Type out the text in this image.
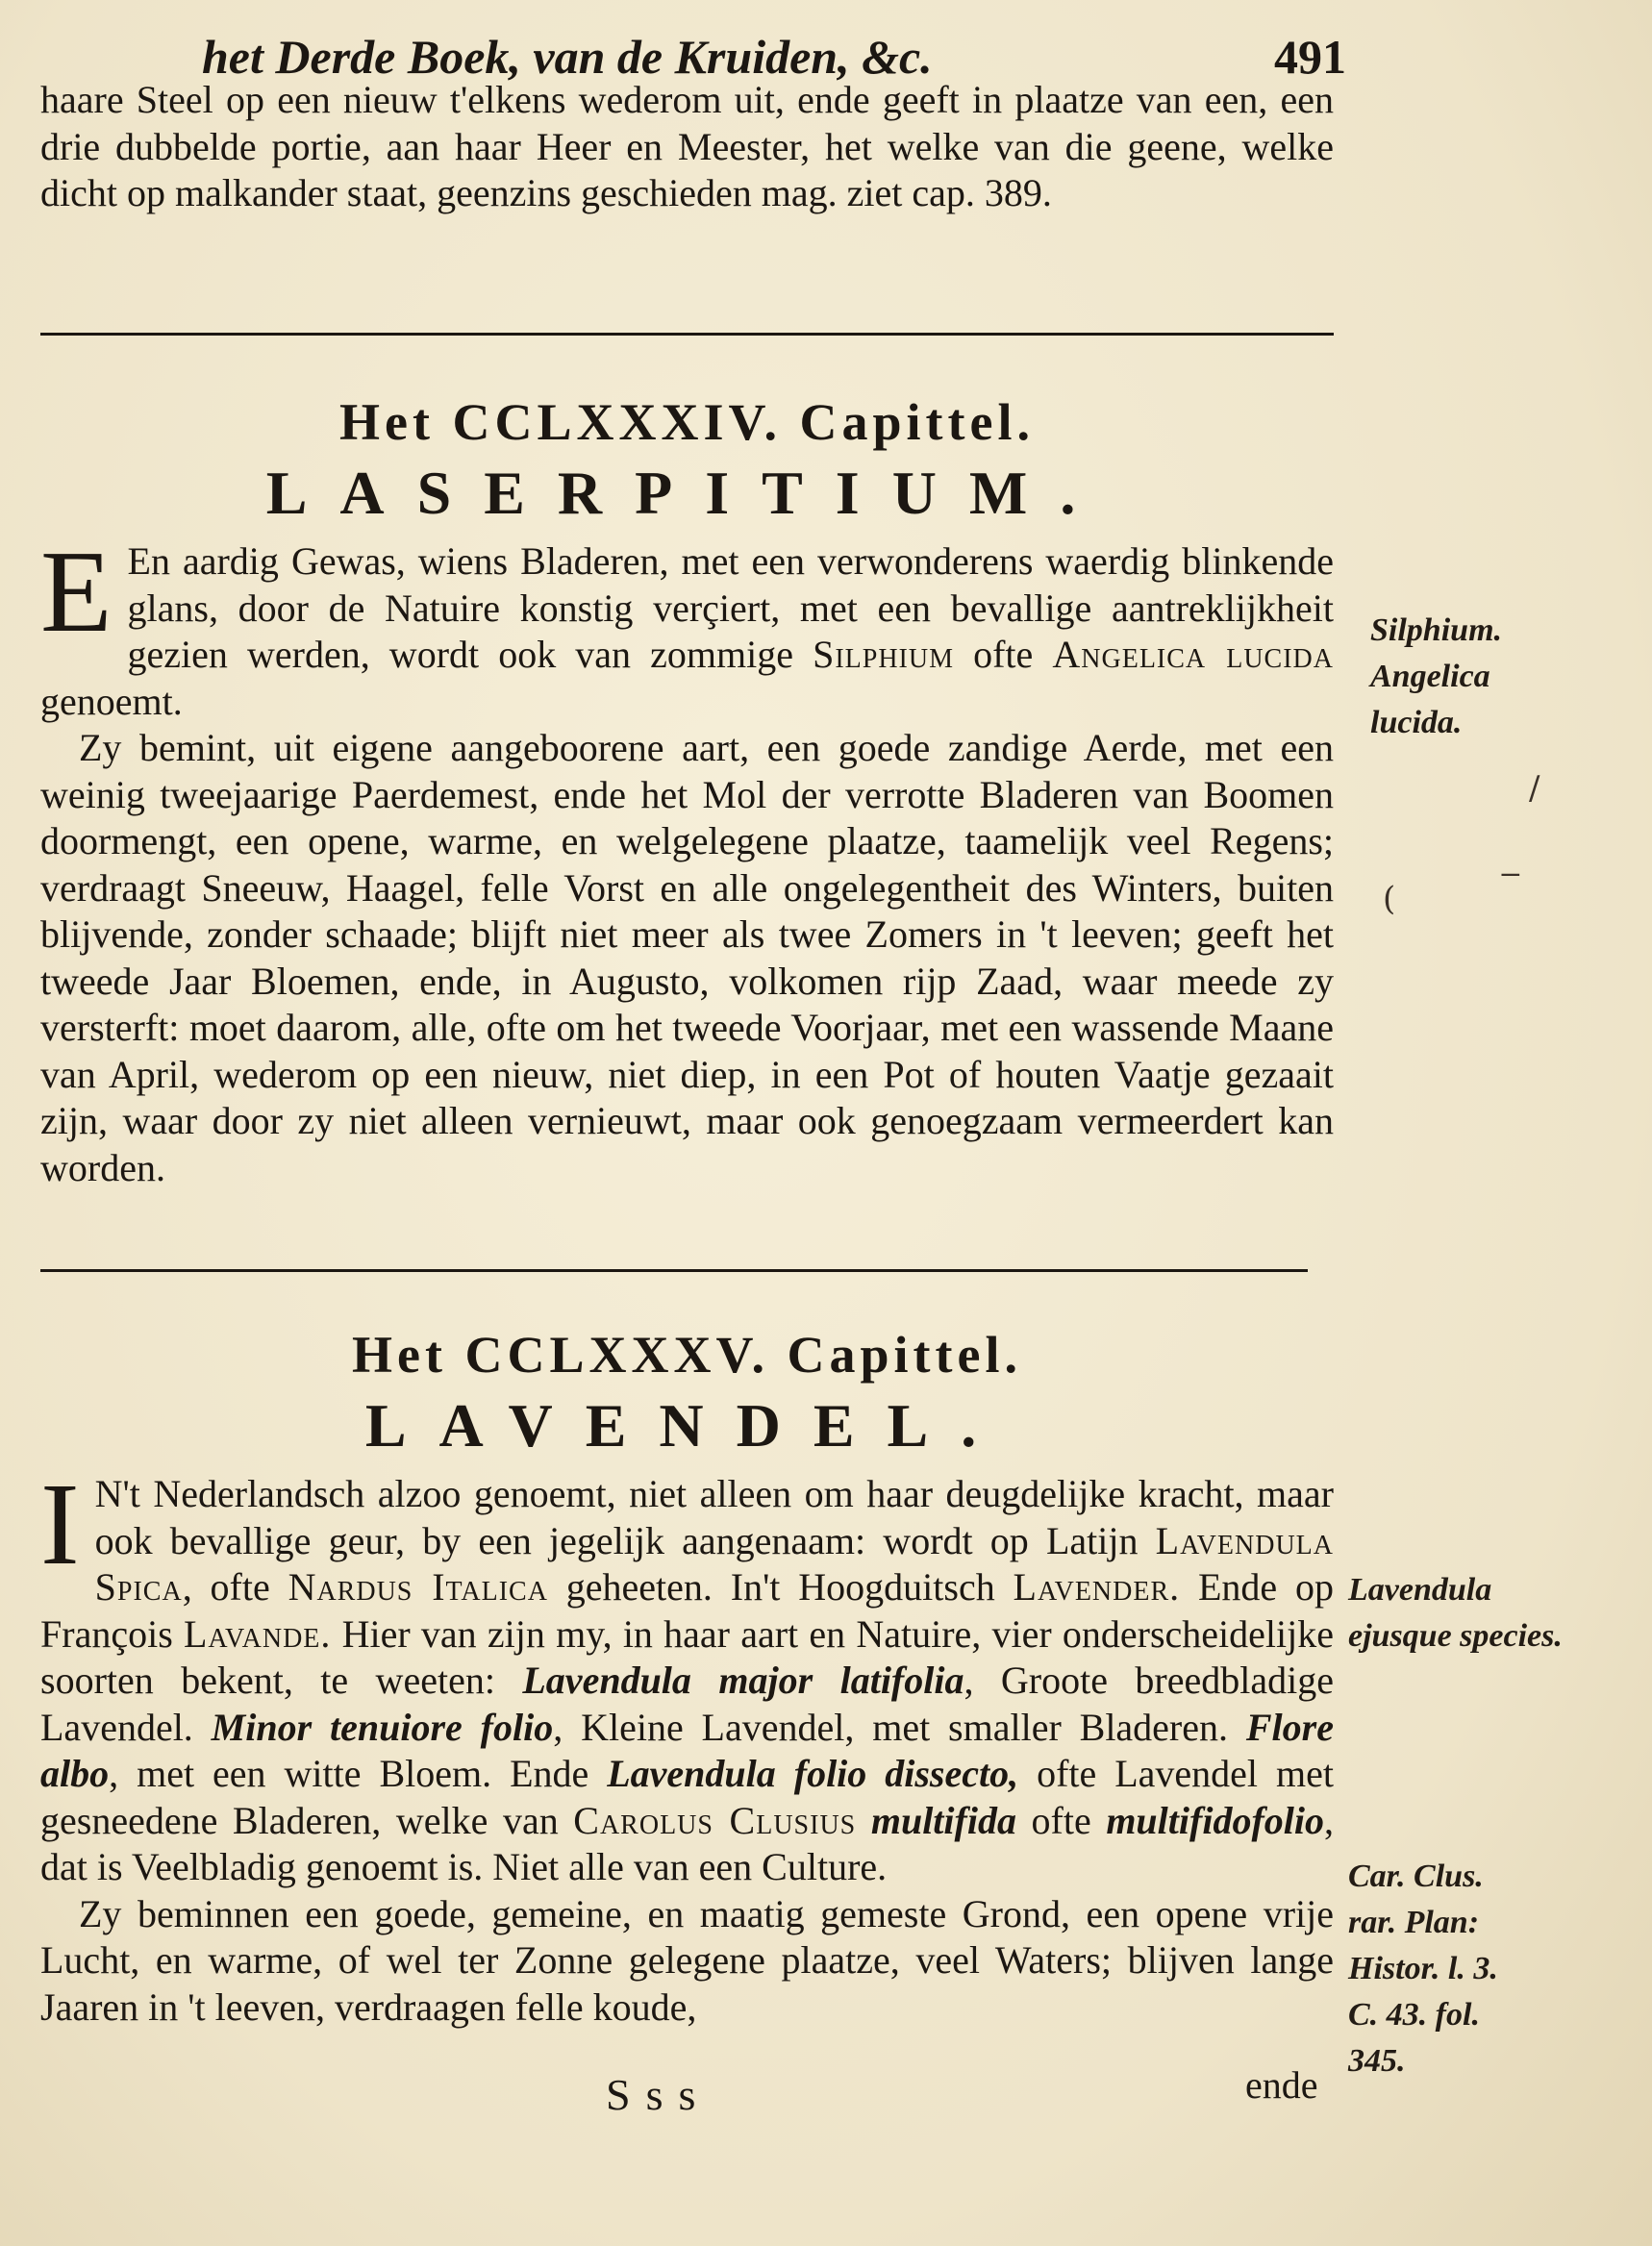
het Derde Boek, van de Kruiden, &c.	491

haare Steel op een nieuw t'elkens wederom uit, ende geeft in plaatze van een, een drie dubbelde portie, aan haar Heer en Meester, het welke van die geene, welke dicht op malkander staat, geenzins geschieden mag. ziet cap. 389.

Het CCLXXXIV. Capittel.
LASERPITIUM.

E En aardig Gewas, wiens Bladeren, met een verwonderens waerdig blinkende glans, door de Natuire konstig verçiert, met een bevallige aantreklijkheit gezien werden, wordt ook van zommige Silphium ofte Angelica lucida genoemt.

Zy bemint, uit eigene aangeboorene aart, een goede zandige Aerde, met een weinig tweejaarige Paerdemest, ende het Mol der verrotte Bladeren van Boomen doormengt, een opene, warme, en welgelegene plaatze, taamelijk veel Regens; verdraagt Sneeuw, Haagel, felle Vorst en alle ongelegentheit des Winters, buiten blijvende, zonder schaade; blijft niet meer als twee Zomers in 't leeven; geeft het tweede Jaar Bloemen, ende, in Augusto, volkomen rijp Zaad, waar meede zy versterft: moet daarom, alle, ofte om het tweede Voorjaar, met een wassende Maane van April, wederom op een nieuw, niet diep, in een Pot of houten Vaatje gezaait zijn, waar door zy niet alleen vernieuwt, maar ook genoegzaam vermeerdert kan worden.

Silphium.
Angelica
lucida.
/
‒
(
Het CCLXXXV. Capittel.
LAVENDEL.

I N't Nederlandsch alzoo genoemt, niet alleen om haar deugdelijke kracht, maar ook bevallige geur, by een jegelijk aangenaam: wordt op Latijn Lavendula Spica, ofte Nardus Italica geheeten. In't Hoogduitsch Lavender. Ende op François Lavande. Hier van zijn my, in haar aart en Natuire, vier onderscheidelijke soorten bekent, te weeten: Lavendula major latifolia, Groote breedbladige Lavendel. Minor tenuiore folio, Kleine Lavendel, met smaller Bladeren. Flore albo, met een witte Bloem. Ende Lavendula folio dissecto, ofte Lavendel met gesneedene Bladeren, welke van Carolus Clusius multifida ofte multifidofolio, dat is Veelbladig genoemt is. Niet alle van een Culture.

Zy beminnen een goede, gemeine, en maatig gemeste Grond, een opene vrije Lucht, en warme, of wel ter Zonne gelegene plaatze, veel Waters; blijven lange Jaaren in 't leeven, verdraagen felle koude,

Lavendula
ejusque species.
Car. Clus.
rar. Plan:
Histor. l. 3.
C. 43. fol.
345.
Sss	ende
